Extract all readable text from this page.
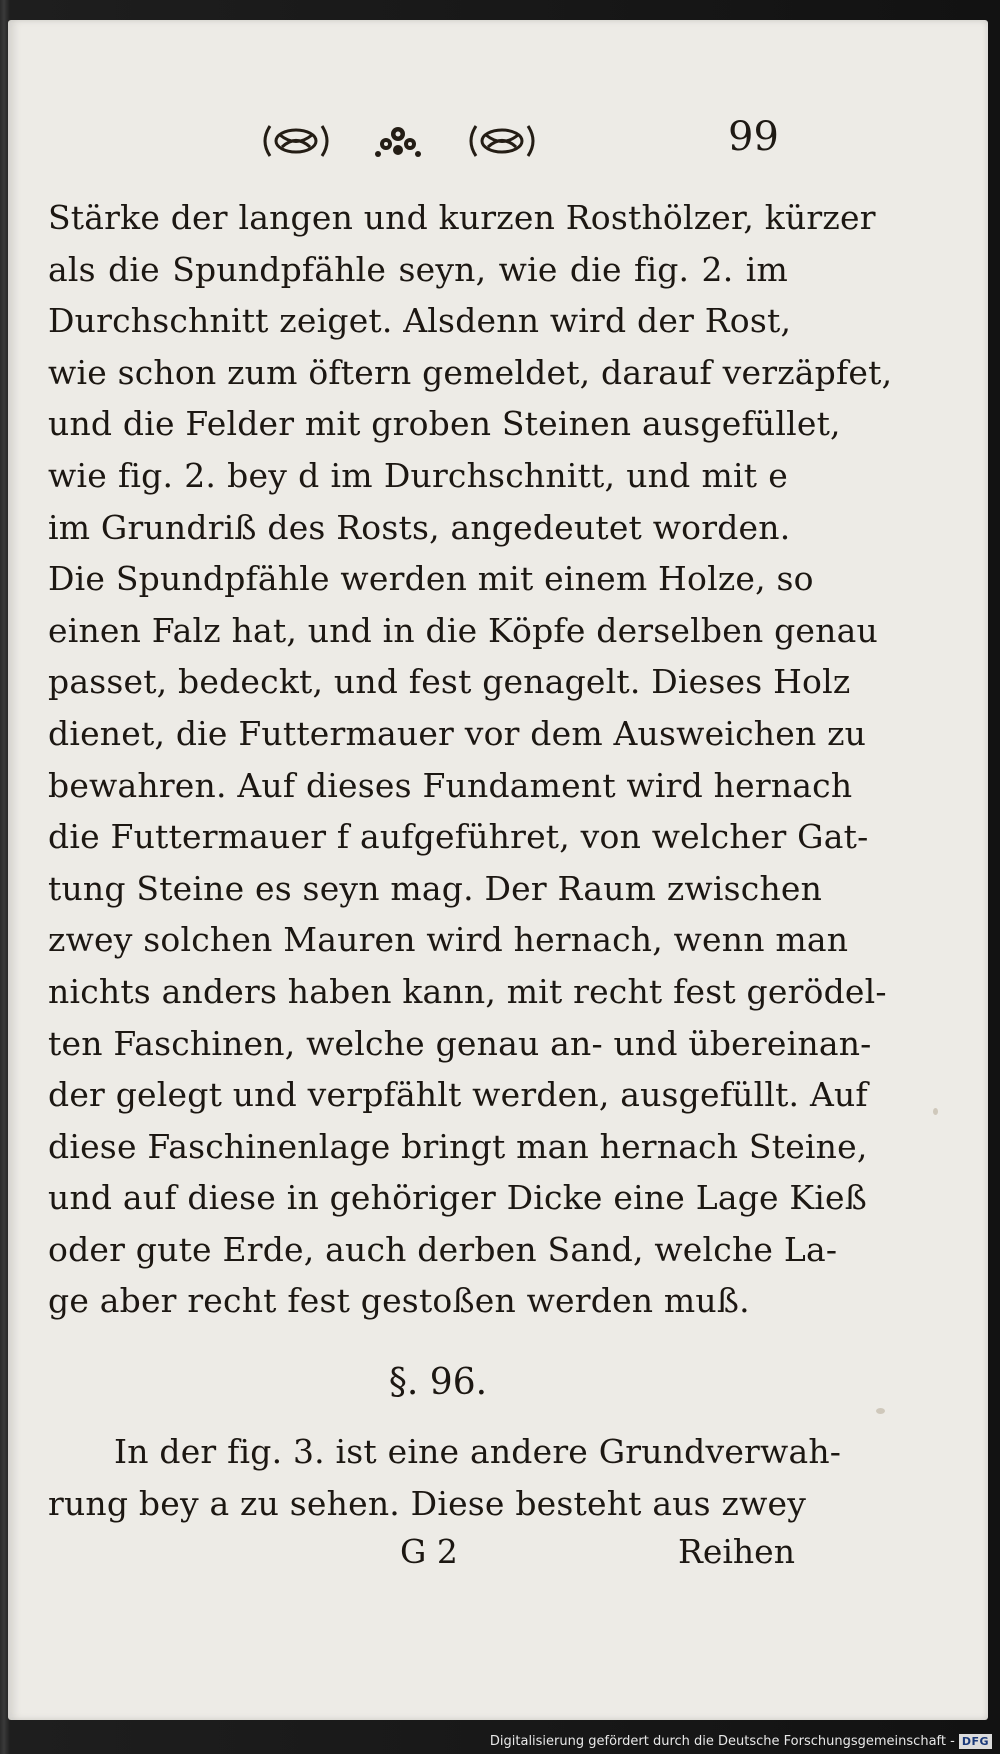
99
Stärke der langen und kurzen Rosthölzer, kürzer
als die Spundpfähle seyn, wie die fig. 2. im
Durchschnitt zeiget. Alsdenn wird der Rost,
wie schon zum öftern gemeldet, darauf verzäpfet,
und die Felder mit groben Steinen ausgefüllet,
wie fig. 2. bey d im Durchschnitt, und mit e
im Grundriß des Rosts, angedeutet worden.
Die Spundpfähle werden mit einem Holze, so
einen Falz hat, und in die Köpfe derselben genau
passet, bedeckt, und fest genagelt. Dieses Holz
dienet, die Futtermauer vor dem Ausweichen zu
bewahren. Auf dieses Fundament wird hernach
die Futtermauer f aufgeführet, von welcher Gat-
tung Steine es seyn mag. Der Raum zwischen
zwey solchen Mauren wird hernach, wenn man
nichts anders haben kann, mit recht fest gerödel-
ten Faschinen, welche genau an- und übereinan-
der gelegt und verpfählt werden, ausgefüllt. Auf
diese Faschinenlage bringt man hernach Steine,
und auf diese in gehöriger Dicke eine Lage Kieß
oder gute Erde, auch derben Sand, welche La-
ge aber recht fest gestoßen werden muß.
§. 96.
In der fig. 3. ist eine andere Grundverwah-
rung bey a zu sehen. Diese besteht aus zwey
G 2	Reihen
Digitalisierung gefördert durch die Deutsche Forschungsgemeinschaft - DFG
